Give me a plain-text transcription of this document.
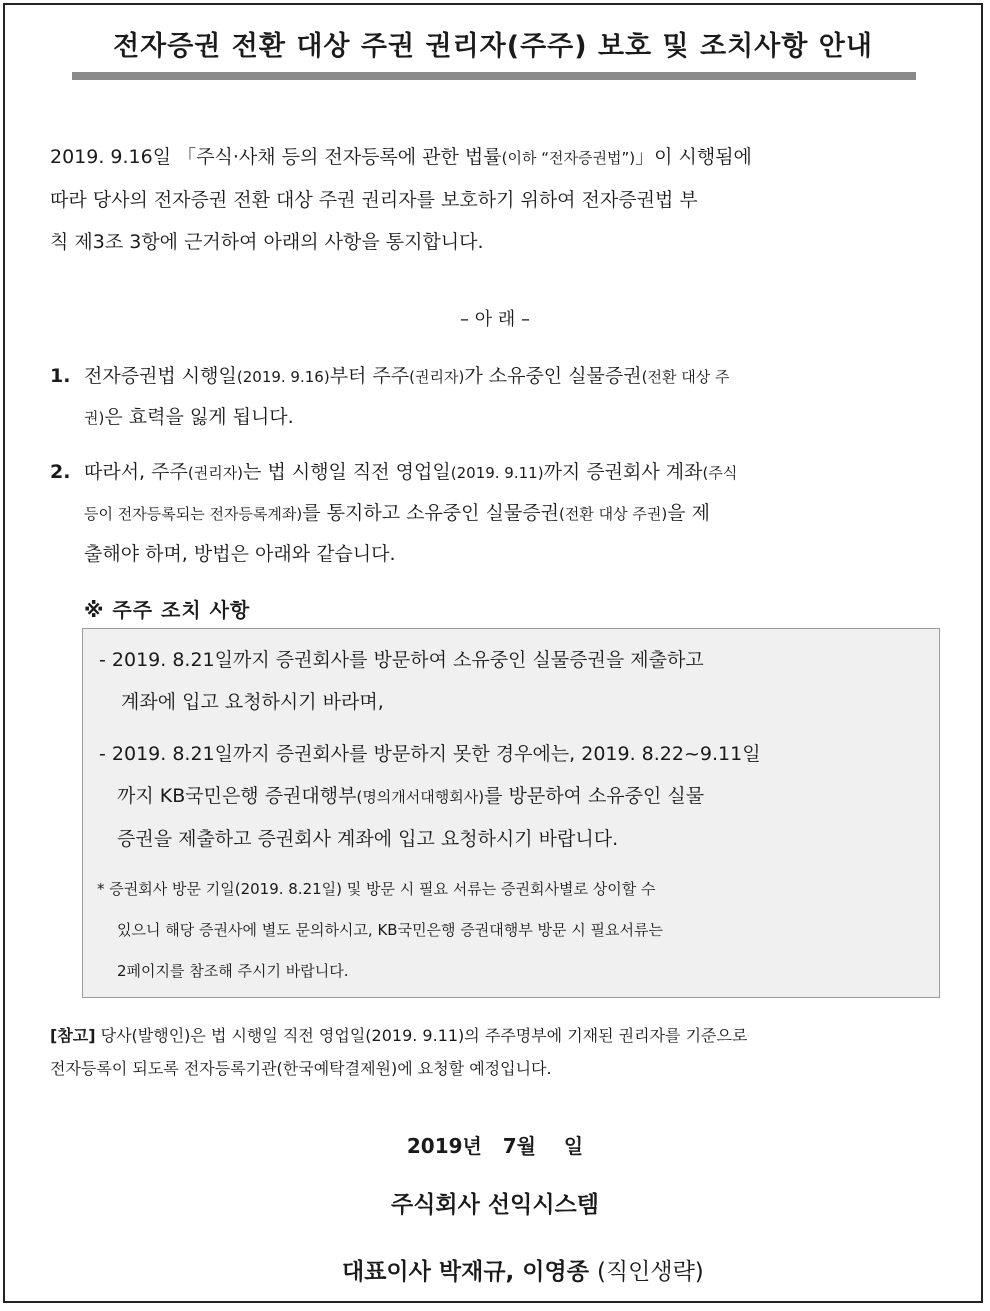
전자증권 전환 대상 주권 권리자(주주) 보호 및 조치사항 안내
2019. 9.16일 「주식·사채 등의 전자등록에 관한 법률(이하 “전자증권법”)」이 시행됨에
따라 당사의 전자증권 전환 대상 주권 권리자를 보호하기 위하여 전자증권법 부
칙 제3조 3항에 근거하여 아래의 사항을 통지합니다.
– 아 래 –
1. 전자증권법 시행일(2019. 9.16)부터 주주(권리자)가 소유중인 실물증권(전환 대상 주
권)은 효력을 잃게 됩니다.
2. 따라서, 주주(권리자)는 법 시행일 직전 영업일(2019. 9.11)까지 증권회사 계좌(주식
등이 전자등록되는 전자등록계좌)를 통지하고 소유중인 실물증권(전환 대상 주권)을 제
출해야 하며, 방법은 아래와 같습니다.
※ 주주 조치 사항
- 2019. 8.21일까지 증권회사를 방문하여 소유중인 실물증권을 제출하고
계좌에 입고 요청하시기 바라며,
- 2019. 8.21일까지 증권회사를 방문하지 못한 경우에는, 2019. 8.22~9.11일
까지 KB국민은행 증권대행부(명의개서대행회사)를 방문하여 소유중인 실물
증권을 제출하고 증권회사 계좌에 입고 요청하시기 바랍니다.
* 증권회사 방문 기일(2019. 8.21일) 및 방문 시 필요 서류는 증권회사별로 상이할 수
있으니 해당 증권사에 별도 문의하시고, KB국민은행 증권대행부 방문 시 필요서류는
2페이지를 참조해 주시기 바랍니다.
[참고] 당사(발행인)은 법 시행일 직전 영업일(2019. 9.11)의 주주명부에 기재된 권리자를 기준으로
전자등록이 되도록 전자등록기관(한국예탁결제원)에 요청할 예정입니다.
2019년   7월    일
주식회사 선익시스템
대표이사 박재규, 이영종 (직인생략)
